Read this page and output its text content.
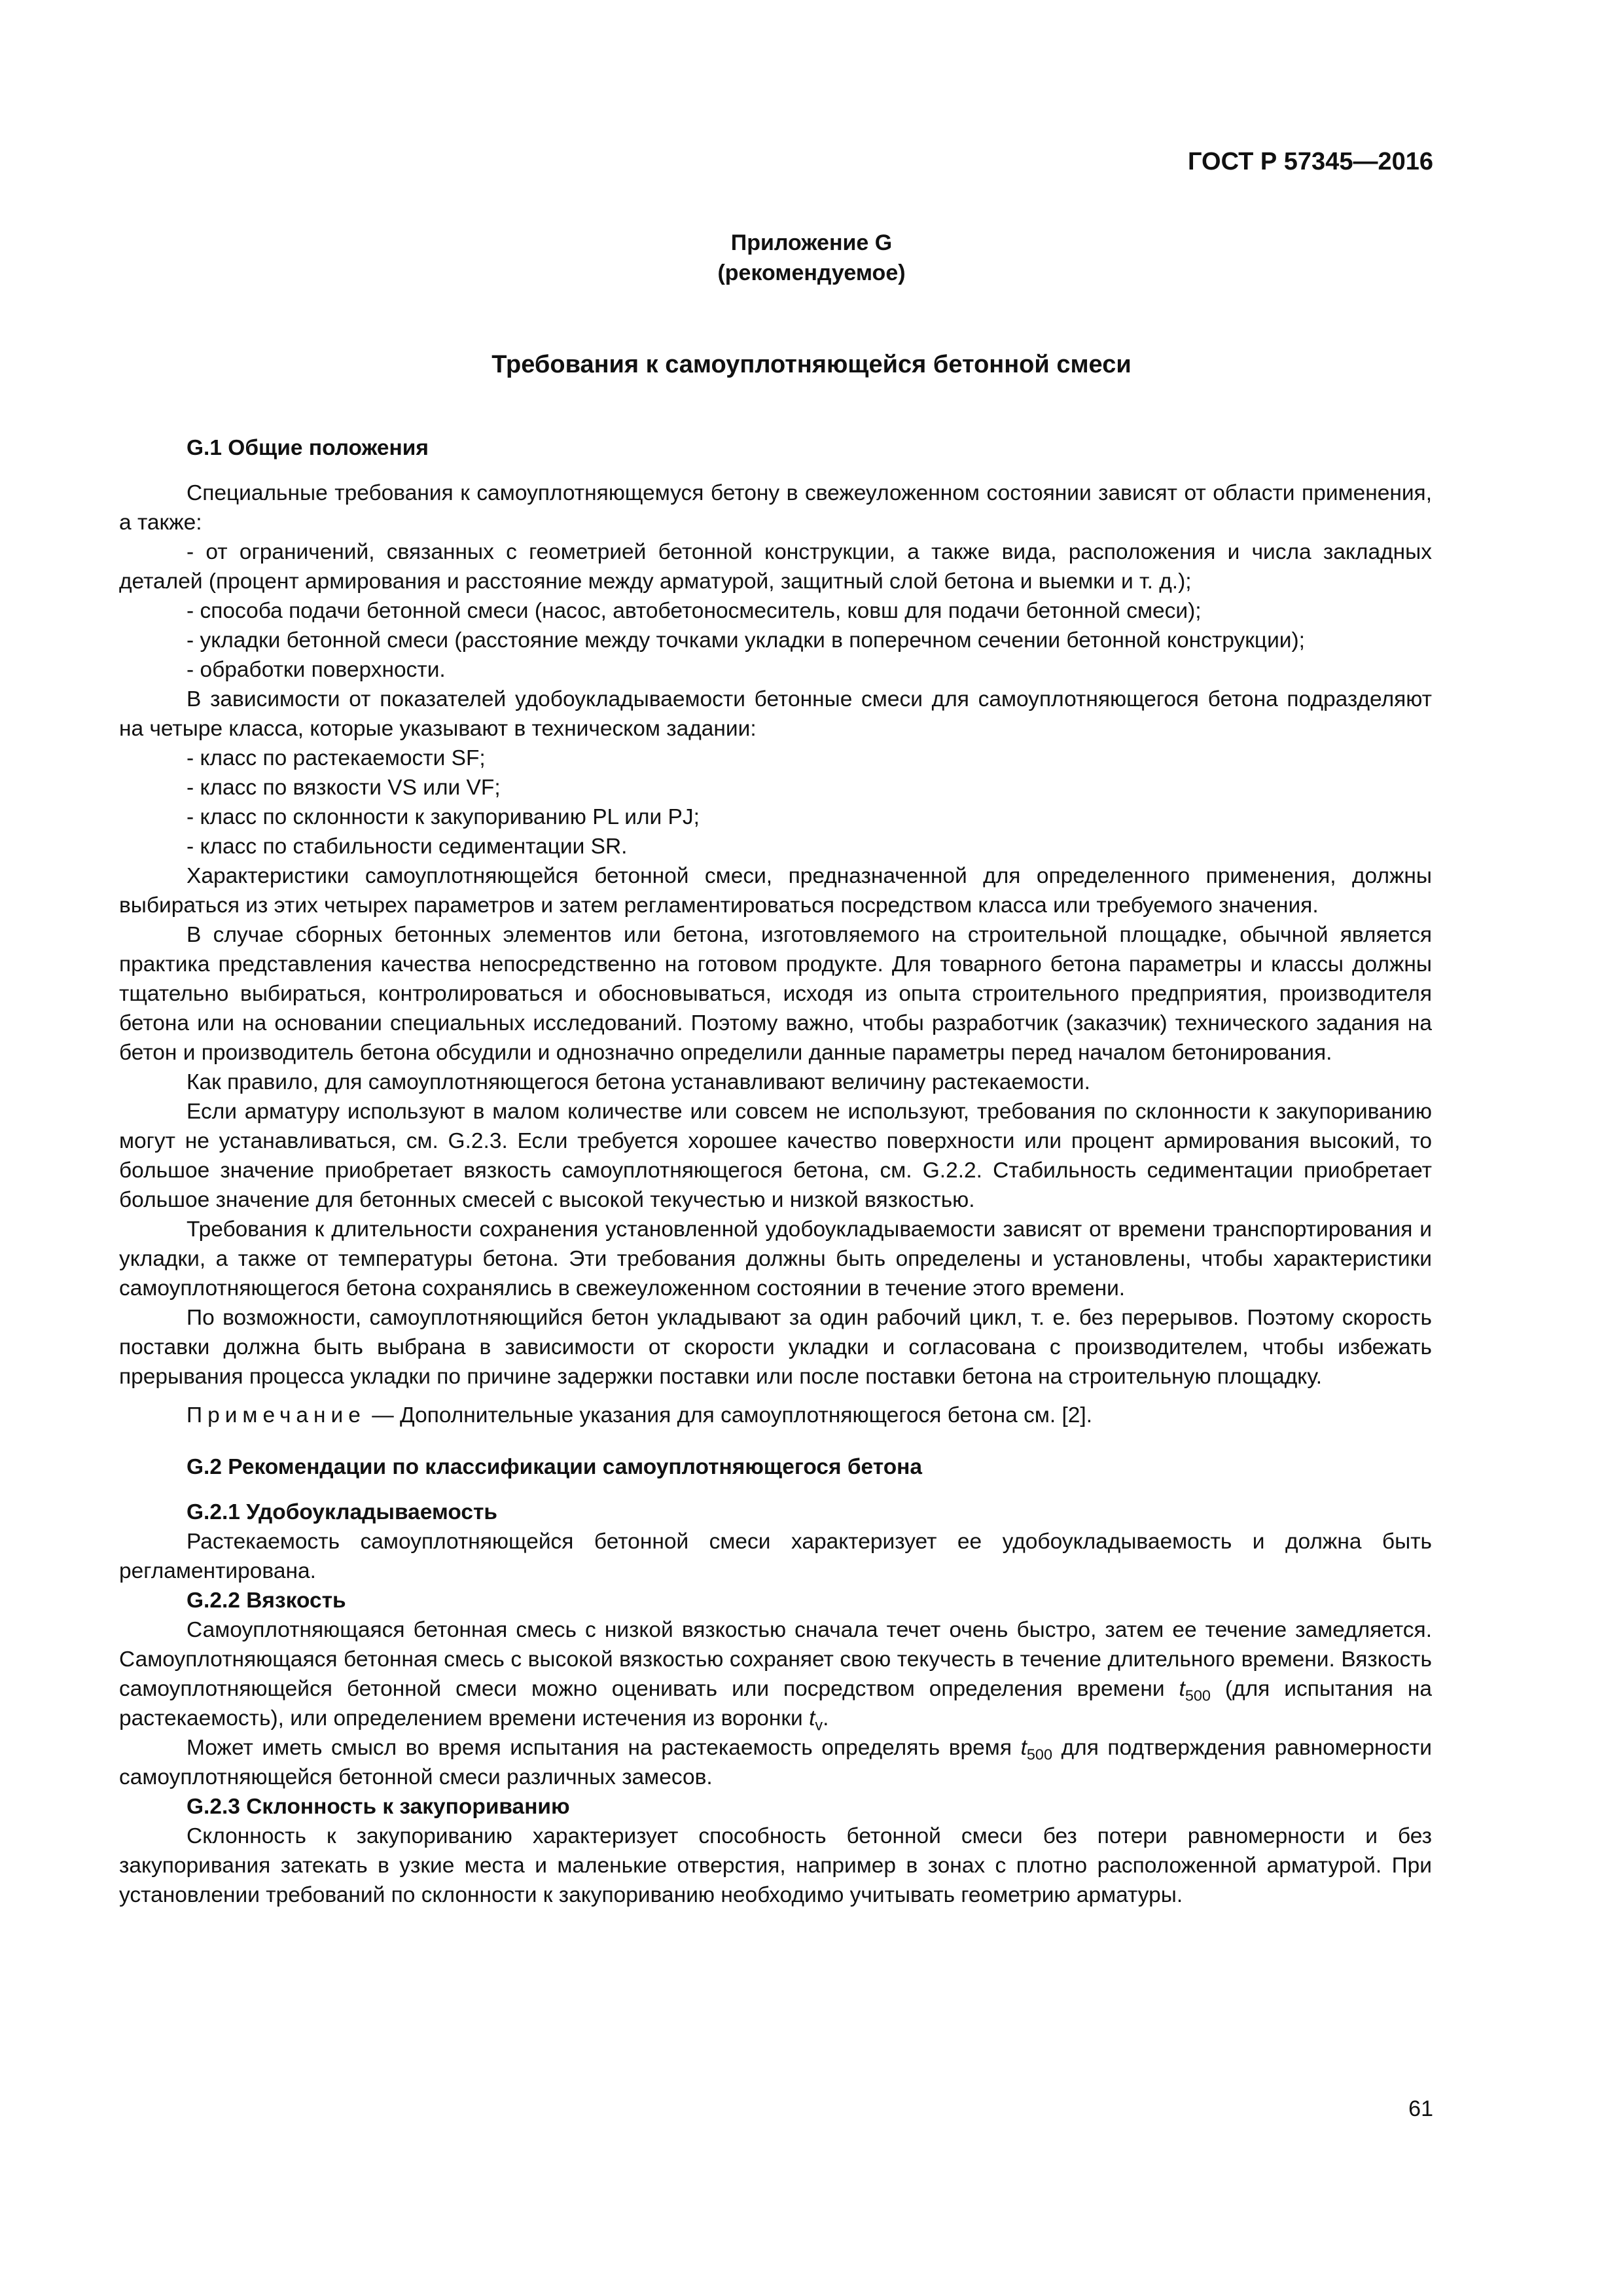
ГОСТ Р 57345—2016
Приложение G
(рекомендуемое)
Требования к самоуплотняющейся бетонной смеси

G.1 Общие положения

Специальные требования к самоуплотняющемуся бетону в свежеуложенном состоянии зависят от области применения, а также:

- от ограничений, связанных с геометрией бетонной конструкции, а также вида, расположения и числа закладных деталей (процент армирования и расстояние между арматурой, защитный слой бетона и выемки и т. д.);

- способа подачи бетонной смеси (насос, автобетоносмеситель, ковш для подачи бетонной смеси);

- укладки бетонной смеси (расстояние между точками укладки в поперечном сечении бетонной конструкции);

- обработки поверхности.

В зависимости от показателей удобоукладываемости бетонные смеси для самоуплотняющегося бетона подразделяют на четыре класса, которые указывают в техническом задании:

- класс по растекаемости SF;

- класс по вязкости VS или VF;

- класс по склонности к закупориванию PL или PJ;

- класс по стабильности седиментации SR.

Характеристики самоуплотняющейся бетонной смеси, предназначенной для определенного применения, должны выбираться из этих четырех параметров и затем регламентироваться посредством класса или требуемого значения.

В случае сборных бетонных элементов или бетона, изготовляемого на строительной площадке, обычной является практика представления качества непосредственно на готовом продукте. Для товарного бетона параметры и классы должны тщательно выбираться, контролироваться и обосновываться, исходя из опыта строительного предприятия, производителя бетона или на основании специальных исследований. Поэтому важно, чтобы разработчик (заказчик) технического задания на бетон и производитель бетона обсудили и однозначно определили данные параметры перед началом бетонирования.

Как правило, для самоуплотняющегося бетона устанавливают величину растекаемости.

Если арматуру используют в малом количестве или совсем не используют, требования по склонности к закупориванию могут не устанавливаться, см. G.2.3. Если требуется хорошее качество поверхности или процент армирования высокий, то большое значение приобретает вязкость самоуплотняющегося бетона, см. G.2.2. Стабильность седиментации приобретает большое значение для бетонных смесей с высокой текучестью и низкой вязкостью.

Требования к длительности сохранения установленной удобоукладываемости зависят от времени транспортирования и укладки, а также от температуры бетона. Эти требования должны быть определены и установлены, чтобы характеристики самоуплотняющегося бетона сохранялись в свежеуложенном состоянии в течение этого времени.

По возможности, самоуплотняющийся бетон укладывают за один рабочий цикл, т. е. без перерывов. Поэтому скорость поставки должна быть выбрана в зависимости от скорости укладки и согласована с производителем, чтобы избежать прерывания процесса укладки по причине задержки поставки или после поставки бетона на строительную площадку.

Примечание — Дополнительные указания для самоуплотняющегося бетона см. [2].

G.2 Рекомендации по классификации самоуплотняющегося бетона

G.2.1 Удобоукладываемость

Растекаемость самоуплотняющейся бетонной смеси характеризует ее удобоукладываемость и должна быть регламентирована.

G.2.2 Вязкость

Самоуплотняющаяся бетонная смесь с низкой вязкостью сначала течет очень быстро, затем ее течение замедляется. Самоуплотняющаяся бетонная смесь с высокой вязкостью сохраняет свою текучесть в течение длительного времени. Вязкость самоуплотняющейся бетонной смеси можно оценивать или посредством определения времени $t_{500}$ (для испытания на растекаемость), или определением времени истечения из воронки $t_v$.

Может иметь смысл во время испытания на растекаемость определять время $t_{500}$ для подтверждения равномерности самоуплотняющейся бетонной смеси различных замесов.

G.2.3 Склонность к закупориванию

Склонность к закупориванию характеризует способность бетонной смеси без потери равномерности и без закупоривания затекать в узкие места и маленькие отверстия, например в зонах с плотно расположенной арматурой. При установлении требований по склонности к закупориванию необходимо учитывать геометрию арматуры.

61
